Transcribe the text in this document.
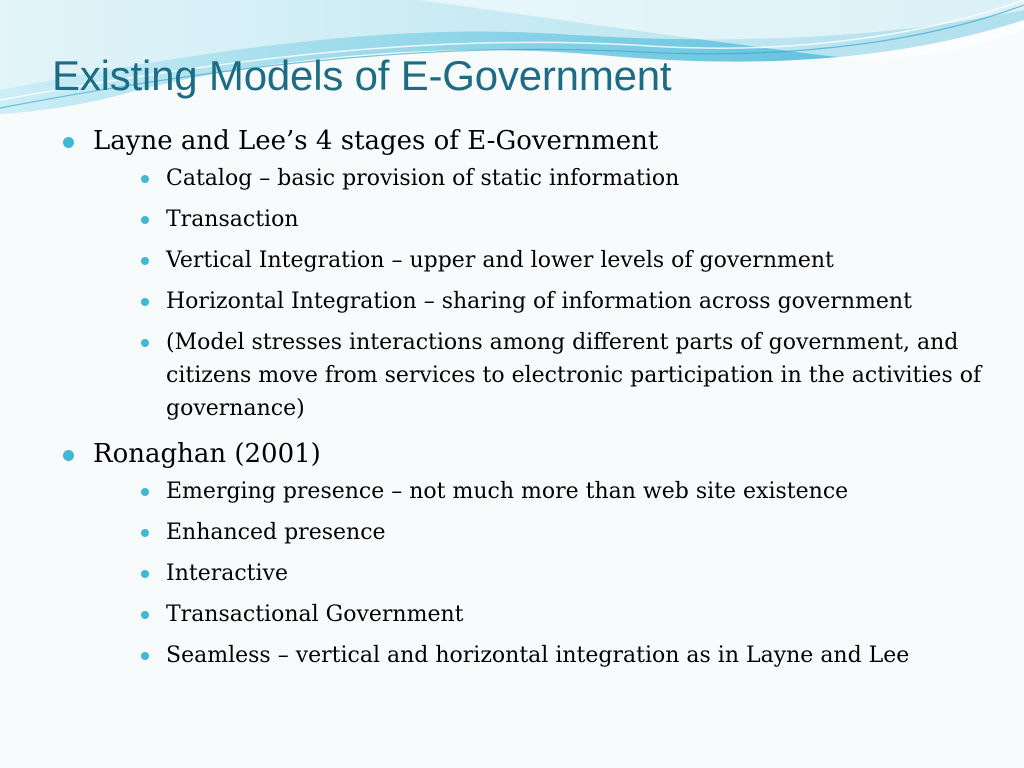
Existing Models of E-Government
Layne and Lee’s 4 stages of E-Government
Catalog – basic provision of static information
Transaction
Vertical Integration – upper and lower levels of government
Horizontal Integration – sharing of information across government
(Model stresses interactions among different parts of government, and citizens move from services to electronic participation in the activities of governance)
Ronaghan (2001)
Emerging presence – not much more than web site existence
Enhanced presence
Interactive
Transactional Government
Seamless – vertical and horizontal integration as in Layne and Lee
